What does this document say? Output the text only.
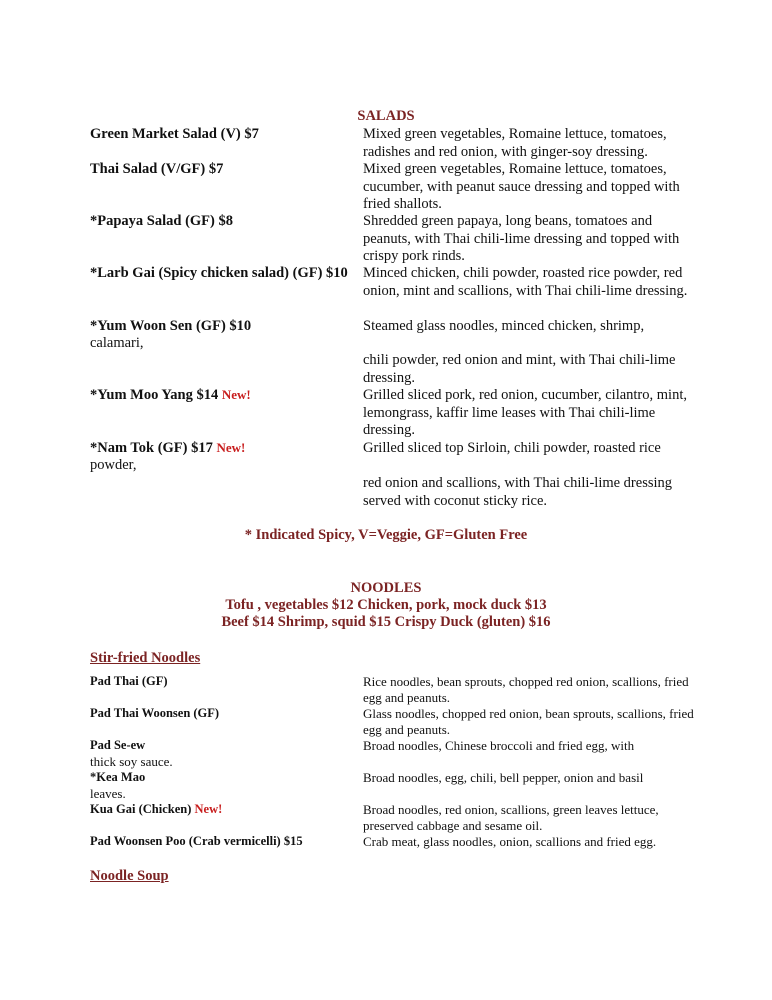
SALADS
Green Market Salad (V) $7	Mixed green vegetables, Romaine lettuce, tomatoes, radishes and red onion, with ginger-soy dressing.
Thai Salad (V/GF) $7	Mixed green vegetables, Romaine lettuce, tomatoes, cucumber, with peanut sauce dressing and topped with fried shallots.
*Papaya Salad (GF) $8	Shredded green papaya, long beans, tomatoes and peanuts, with Thai chili-lime dressing and topped with crispy pork rinds.
*Larb Gai (Spicy chicken salad) (GF) $10 Minced chicken, chili powder, roasted rice powder, red onion, mint and scallions, with Thai chili-lime dressing.
*Yum Woon Sen (GF) $10	Steamed glass noodles, minced chicken, shrimp,
calamari,
chili powder, red onion and mint, with Thai chili-lime dressing.
*Yum Moo Yang $14 New!	Grilled sliced pork, red onion, cucumber, cilantro, mint, lemongrass, kaffir lime leases with Thai chili-lime dressing.
*Nam Tok (GF) $17 New!	Grilled sliced top Sirloin, chili powder, roasted rice
powder,
red onion and scallions, with Thai chili-lime dressing served with coconut sticky rice.
* Indicated Spicy, V=Veggie, GF=Gluten Free
NOODLES
Tofu , vegetables $12 Chicken, pork, mock duck $13
Beef $14 Shrimp, squid $15 Crispy Duck (gluten) $16
Stir-fried Noodles
Pad Thai (GF)	Rice noodles, bean sprouts, chopped red onion, scallions, fried egg and peanuts.
Pad Thai Woonsen (GF)	Glass noodles, chopped red onion, bean sprouts, scallions, fried egg and peanuts.
Pad Se-ew	Broad noodles, Chinese broccoli and fried egg, with
thick soy sauce.
*Kea Mao	Broad noodles, egg, chili, bell pepper, onion and basil
leaves.
Kua Gai (Chicken) New!	Broad noodles, red onion, scallions, green leaves lettuce, preserved cabbage and sesame oil.
Pad Woonsen Poo (Crab vermicelli) $15	Crab meat, glass noodles, onion, scallions and fried egg.
Noodle Soup
